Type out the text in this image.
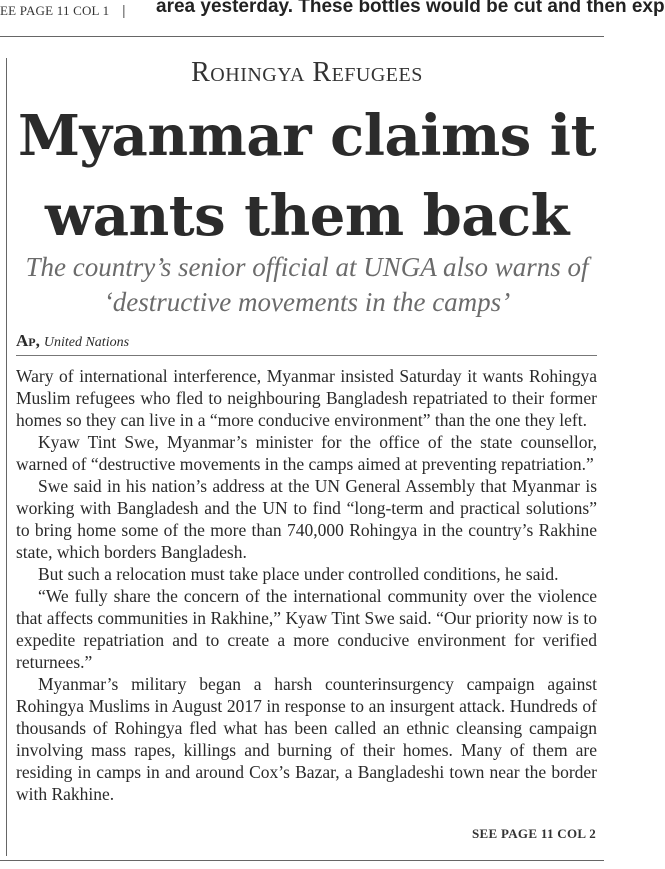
EE PAGE 11 COL 1 | area yesterday. These bottles would be cut and then exp
Rohingya Refugees
Myanmar claims it wants them back
The country’s senior official at UNGA also warns of ‘destructive movements in the camps’
Ap, United Nations

Wary of international interference, Myanmar insisted Saturday it wants Rohingya Muslim refugees who fled to neighbouring Bangladesh repatriated to their former homes so they can live in a “more conducive environment” than the one they left.

Kyaw Tint Swe, Myanmar’s minister for the office of the state counsellor, warned of “destructive movements in the camps aimed at preventing repatriation.”

Swe said in his nation’s address at the UN General Assembly that Myanmar is working with Bangladesh and the UN to find “long-term and practical solutions” to bring home some of the more than 740,000 Rohingya in the country’s Rakhine state, which borders Bangladesh.

But such a relocation must take place under controlled conditions, he said.

“We fully share the concern of the international community over the violence that affects communities in Rakhine,” Kyaw Tint Swe said. “Our priority now is to expedite repatriation and to create a more conducive environment for verified returnees.”

Myanmar’s military began a harsh counterinsurgency campaign against Rohingya Muslims in August 2017 in response to an insurgent attack. Hundreds of thousands of Rohingya fled what has been called an ethnic cleansing campaign involving mass rapes, killings and burning of their homes. Many of them are residing in camps in and around Cox’s Bazar, a Bangladeshi town near the border with Rakhine.

SEE PAGE 11 COL 2
